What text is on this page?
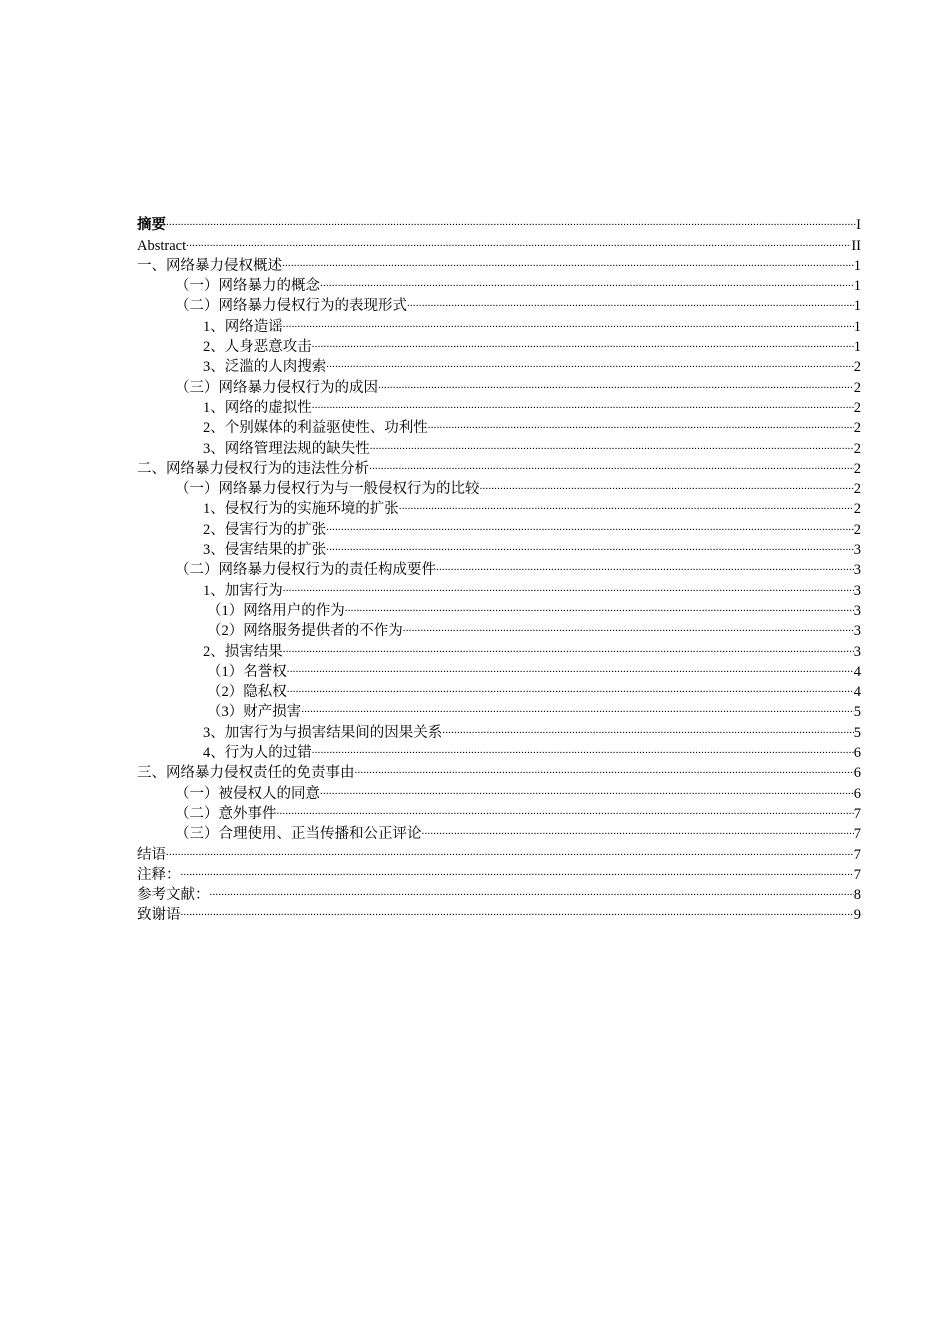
摘要 .....	I
Abstract .....	II
一、网络暴力侵权概述 .....	1
（一）网络暴力的概念 .....	1
（二）网络暴力侵权行为的表现形式 .....	1
1、网络造谣 .....	1
2、人身恶意攻击 .....	1
3、泛滥的人肉搜索 .....	2
（三）网络暴力侵权行为的成因 .....	2
1、网络的虚拟性 .....	2
2、个别媒体的利益驱使性、功利性 .....	2
3、网络管理法规的缺失性 .....	2
二、网络暴力侵权行为的违法性分析 .....	2
（一）网络暴力侵权行为与一般侵权行为的比较 .....	2
1、侵权行为的实施环境的扩张 .....	2
2、侵害行为的扩张 .....	2
3、侵害结果的扩张 .....	3
（二）网络暴力侵权行为的责任构成要件 .....	3
1、加害行为 .....	3
（1）网络用户的作为 .....	3
（2）网络服务提供者的不作为 .....	3
2、损害结果 .....	3
（1）名誉权 .....	4
（2）隐私权 .....	4
（3）财产损害 .....	5
3、加害行为与损害结果间的因果关系 .....	5
4、行为人的过错 .....	6
三、网络暴力侵权责任的免责事由 .....	6
（一）被侵权人的同意 .....	6
（二）意外事件 .....	7
（三）合理使用、正当传播和公正评论 .....	7
结语 .....	7
注释： .....	7
参考文献： .....	8
致谢语 .....	9
